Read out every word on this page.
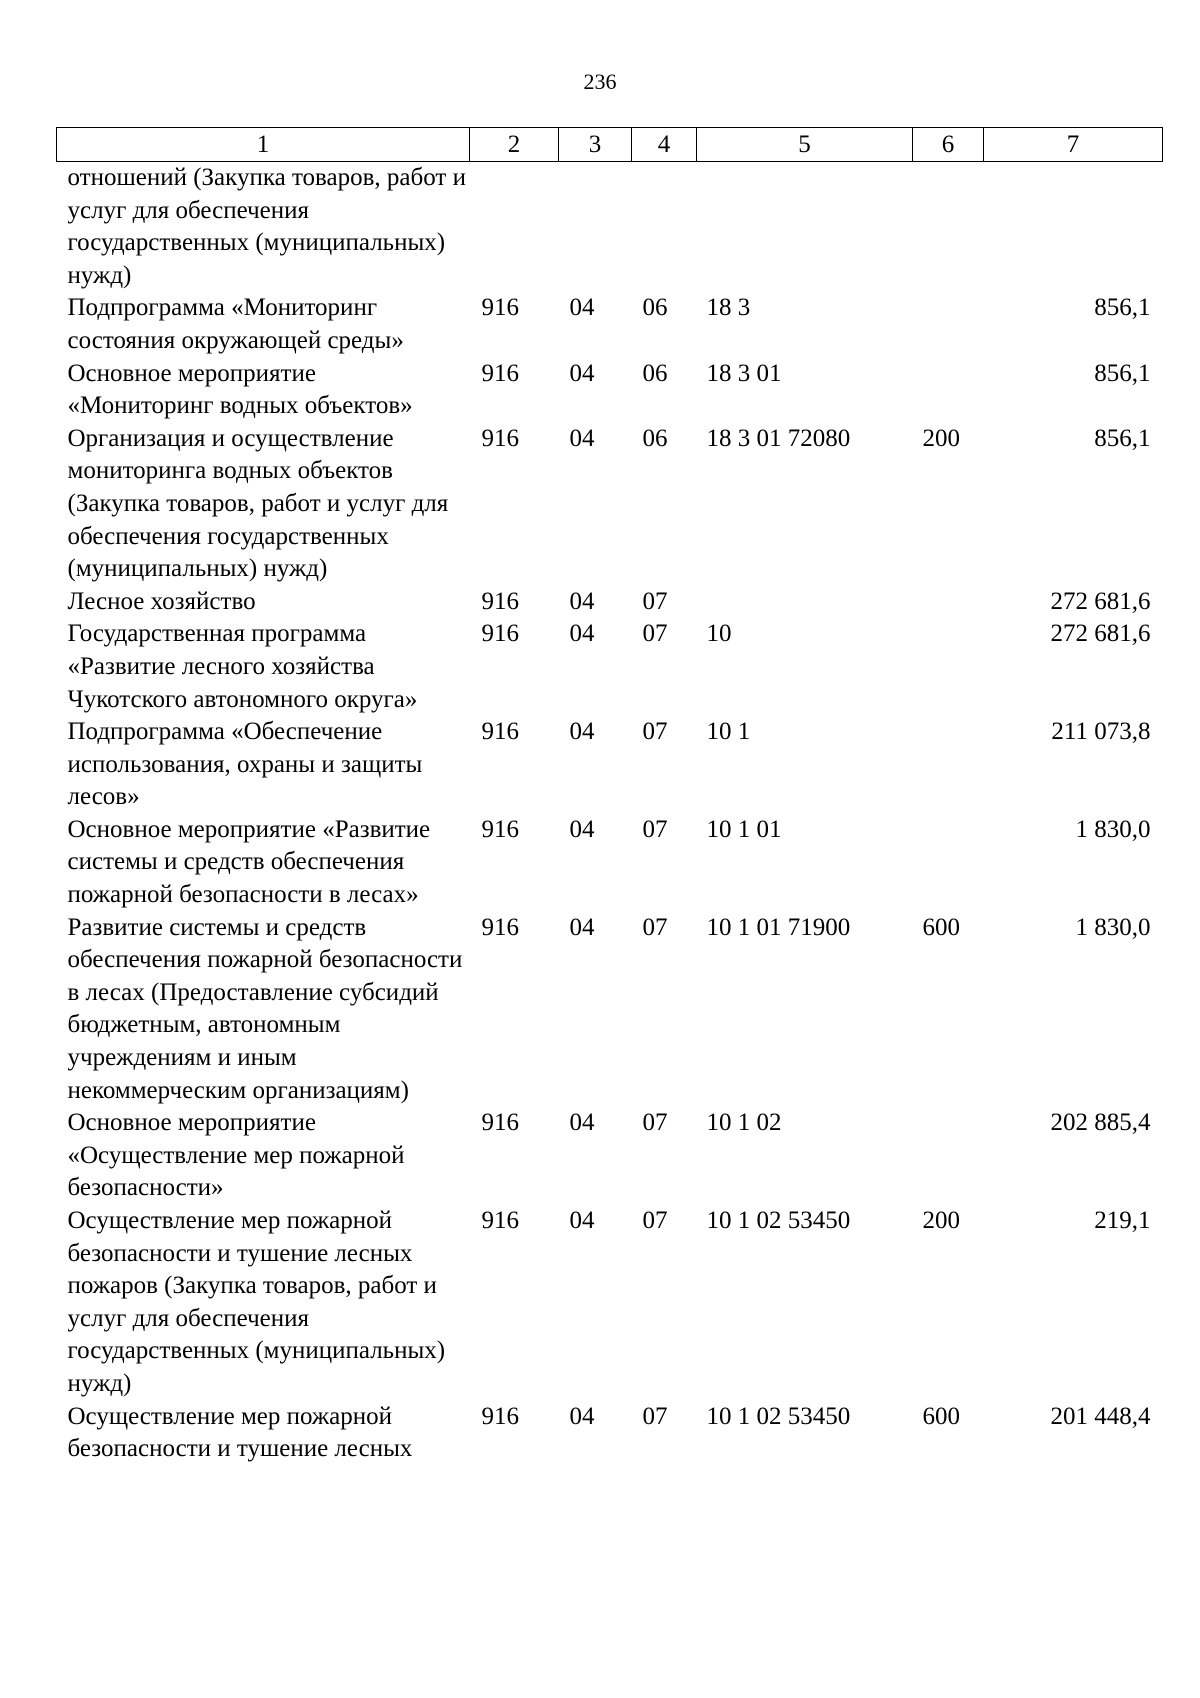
236
1	2	3	4	5	6	7
отношений (Закупка товаров, работ и услуг для обеспечения государственных (муниципальных) нужд)						
Подпрограмма «Мониторинг состояния окружающей среды»	916	04	06	18 3		856,1
Основное мероприятие «Мониторинг водных объектов»	916	04	06	18 3 01		856,1
Организация и осуществление мониторинга водных объектов (Закупка товаров, работ и услуг для обеспечения государственных (муниципальных) нужд)	916	04	06	18 3 01 72080	200	856,1
Лесное хозяйство	916	04	07			272 681,6
Государственная программа «Развитие лесного хозяйства Чукотского автономного округа»	916	04	07	10		272 681,6
Подпрограмма «Обеспечение использования, охраны и защиты лесов»	916	04	07	10 1		211 073,8
Основное мероприятие «Развитие системы и средств обеспечения пожарной безопасности в лесах»	916	04	07	10 1 01		1 830,0
Развитие системы и средств обеспечения пожарной безопасности в лесах (Предоставление субсидий бюджетным, автономным учреждениям и иным некоммерческим организациям)	916	04	07	10 1 01 71900	600	1 830,0
Основное мероприятие «Осуществление мер пожарной безопасности»	916	04	07	10 1 02		202 885,4
Осуществление мер пожарной безопасности и тушение лесных пожаров (Закупка товаров, работ и услуг для обеспечения государственных (муниципальных) нужд)	916	04	07	10 1 02 53450	200	219,1
Осуществление мер пожарной безопасности и тушение лесных	916	04	07	10 1 02 53450	600	201 448,4
